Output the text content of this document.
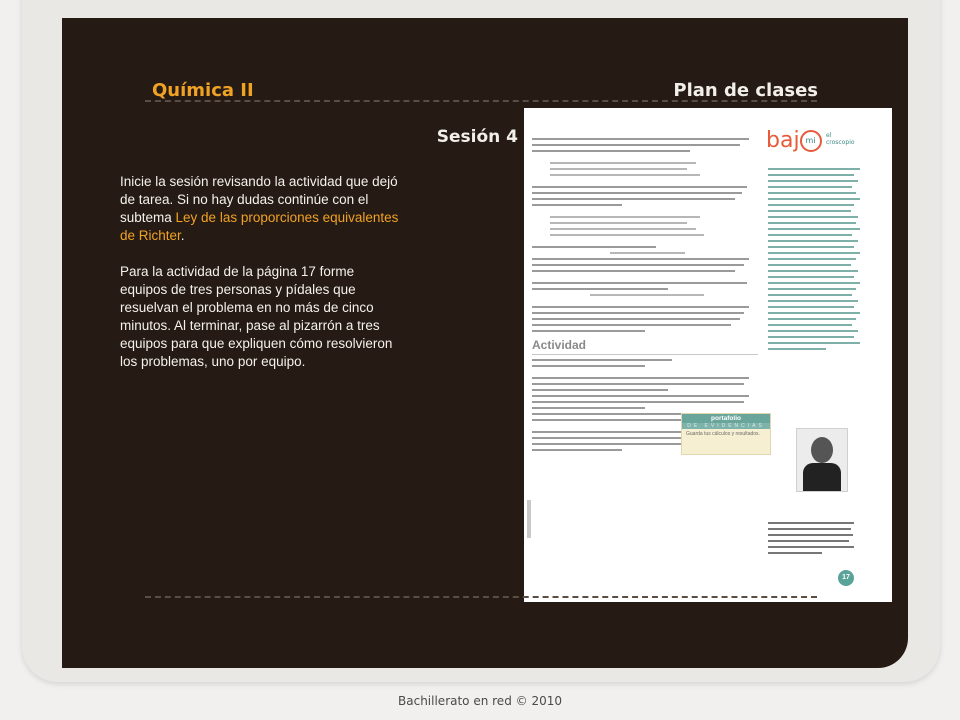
Química II	Plan de clases
Sesión 4

Inicie la sesión revisando la actividad que dejó de tarea. Si no hay dudas continúe con el subtema Ley de las proporciones equivalentes de Richter.

Para la actividad de la página 17 forme equipos de tres personas y pídales que resuelvan el problema en no más de cinco minutos. Al terminar, pase al pizarrón a tres equipos para que expliquen cómo resolvieron los problemas, uno por equipo.

Actividad
portafolio
DE EVIDENCIAS
Guarda tus cálculos y resultados.
baj mi
el croscopio
17
Bachillerato en red © 2010
